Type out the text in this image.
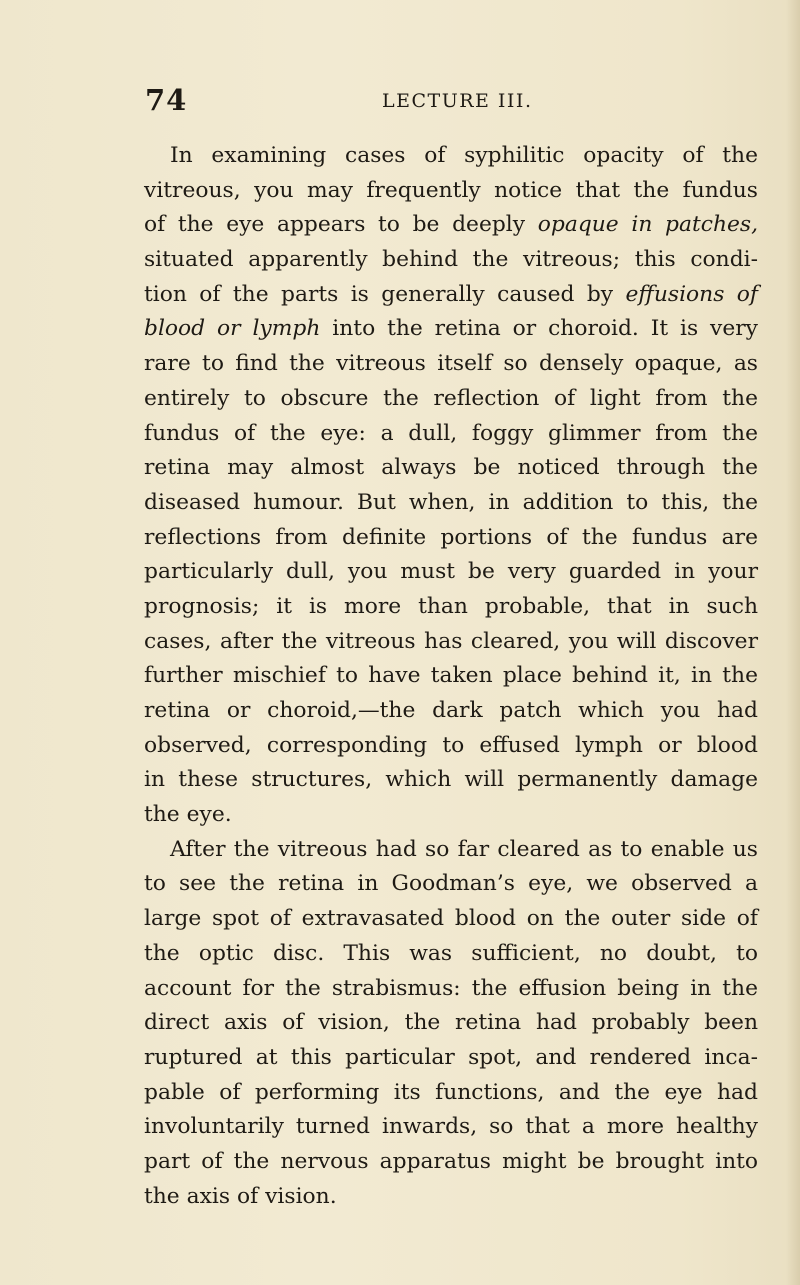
74	LECTURE III.
In examining cases of syphilitic opacity of the
vitreous, you may frequently notice that the fundus
of the eye appears to be deeply opaque in patches,
situated apparently behind the vitreous; this condi-
tion of the parts is generally caused by effusions of
blood or lymph into the retina or choroid. It is very
rare to find the vitreous itself so densely opaque, as
entirely to obscure the reflection of light from the
fundus of the eye: a dull, foggy glimmer from the
retina may almost always be noticed through the
diseased humour. But when, in addition to this, the
reflections from definite portions of the fundus are
particularly dull, you must be very guarded in your
prognosis; it is more than probable, that in such
cases, after the vitreous has cleared, you will discover
further mischief to have taken place behind it, in the
retina or choroid,—the dark patch which you had
observed, corresponding to effused lymph or blood
in these structures, which will permanently damage
the eye.
After the vitreous had so far cleared as to enable us
to see the retina in Goodman’s eye, we observed a
large spot of extravasated blood on the outer side of
the optic disc. This was sufficient, no doubt, to
account for the strabismus: the effusion being in the
direct axis of vision, the retina had probably been
ruptured at this particular spot, and rendered inca-
pable of performing its functions, and the eye had
involuntarily turned inwards, so that a more healthy
part of the nervous apparatus might be brought into
the axis of vision.
